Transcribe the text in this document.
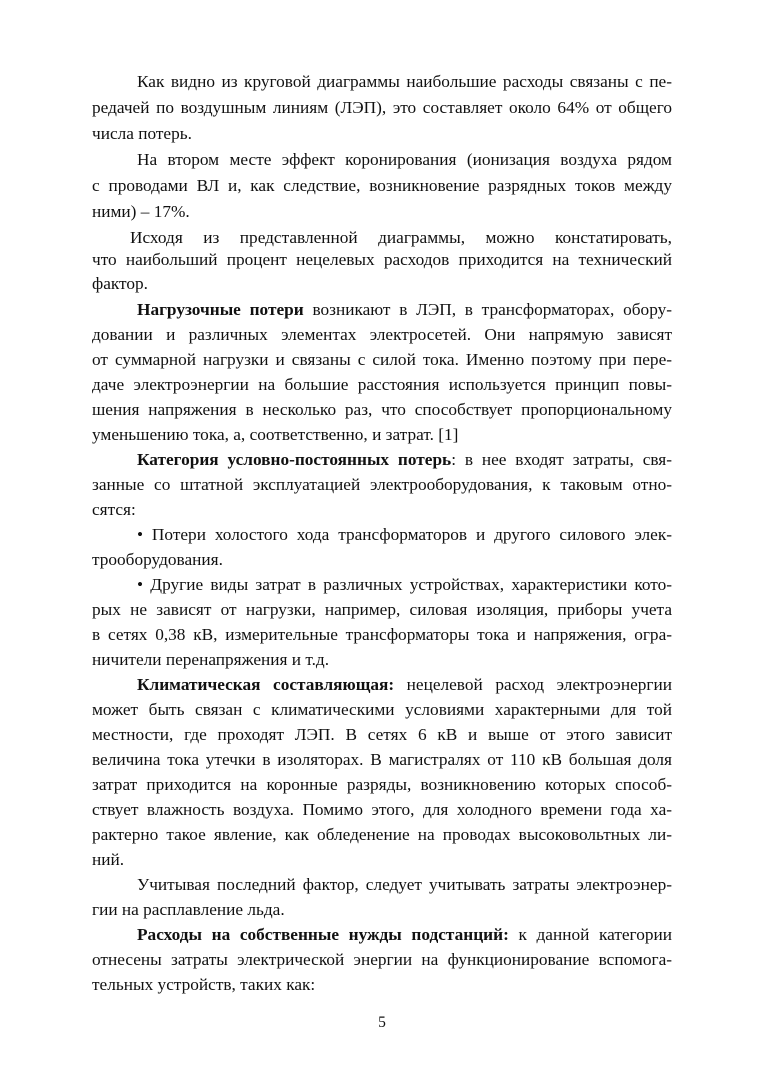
Как видно из круговой диаграммы наибольшие расходы связаны с пе-
редачей по воздушным линиям (ЛЭП), это составляет около 64% от общего
числа потерь.
На втором месте эффект коронирования (ионизация воздуха рядом
с проводами ВЛ и, как следствие, возникновение разрядных токов между
ними) – 17%.
Исходя из представленной диаграммы, можно констатировать,
что наибольший процент нецелевых расходов приходится на технический
фактор.
Нагрузочные потери возникают в ЛЭП, в трансформаторах, обору-
довании и различных элементах электросетей. Они напрямую зависят
от суммарной нагрузки и связаны с силой тока. Именно поэтому при пере-
даче электроэнергии на большие расстояния используется принцип повы-
шения напряжения в несколько раз, что способствует пропорциональному
уменьшению тока, а, соответственно, и затрат. [1]
Категория условно-постоянных потерь: в нее входят затраты, свя-
занные со штатной эксплуатацией электрооборудования, к таковым отно-
сятся:
• Потери холостого хода трансформаторов и другого силового элек-
трооборудования.
• Другие виды затрат в различных устройствах, характеристики кото-
рых не зависят от нагрузки, например, силовая изоляция, приборы учета
в сетях 0,38 кВ, измерительные трансформаторы тока и напряжения, огра-
ничители перенапряжения и т.д.
Климатическая составляющая: нецелевой расход электроэнергии
может быть связан с климатическими условиями характерными для той
местности, где проходят ЛЭП. В сетях 6 кВ и выше от этого зависит
величина тока утечки в изоляторах. В магистралях от 110 кВ большая доля
затрат приходится на коронные разряды, возникновению которых способ-
ствует влажность воздуха. Помимо этого, для холодного времени года ха-
рактерно такое явление, как обледенение на проводах высоковольтных ли-
ний.
Учитывая последний фактор, следует учитывать затраты электроэнер-
гии на расплавление льда.
Расходы на собственные нужды подстанций: к данной категории
отнесены затраты электрической энергии на функционирование вспомога-
тельных устройств, таких как:
5
